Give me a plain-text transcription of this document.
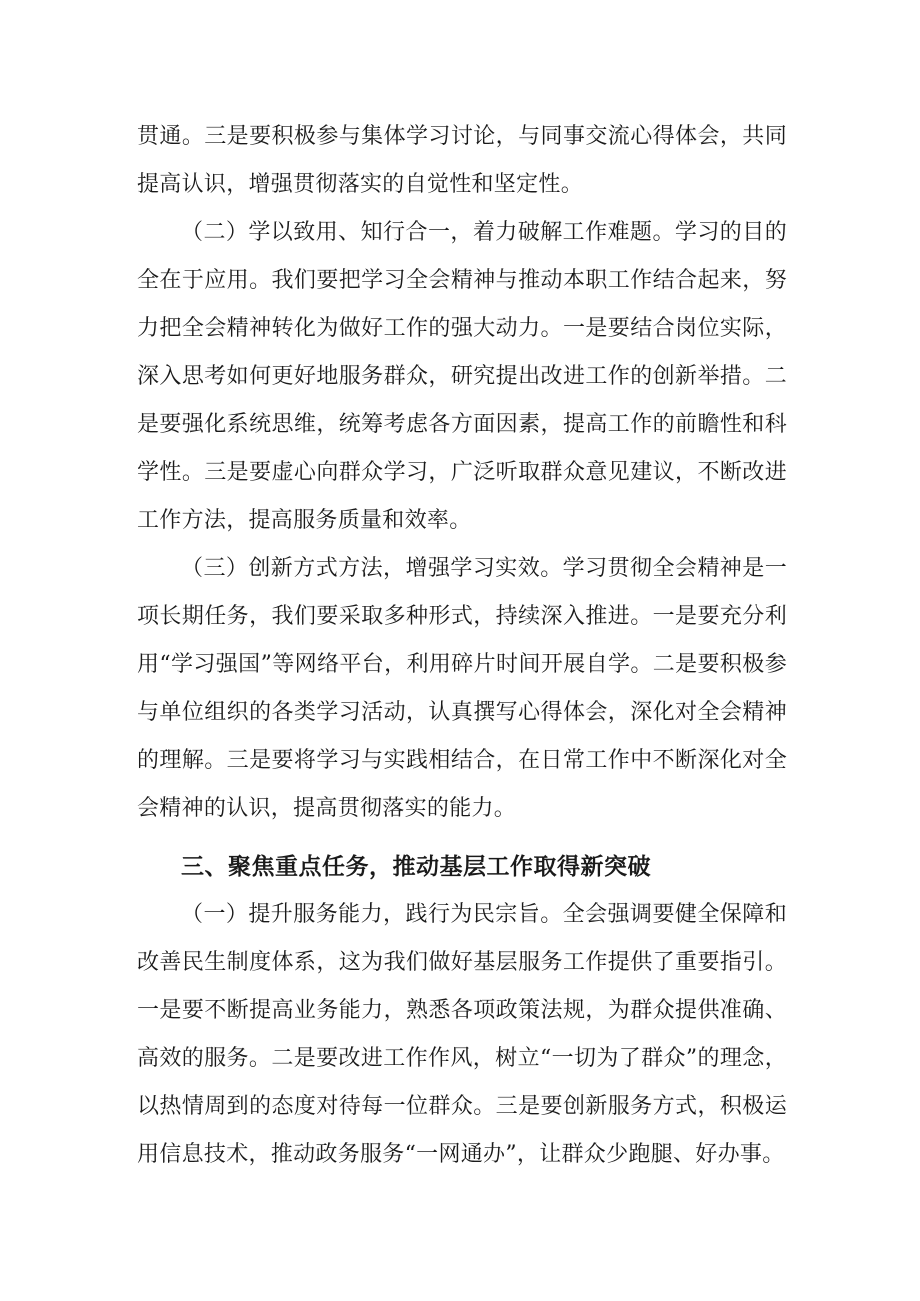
贯通。三是要积极参与集体学习讨论，与同事交流心得体会，共同提高认识，增强贯彻落实的自觉性和坚定性。

（二）学以致用、知行合一，着力破解工作难题。学习的目的全在于应用。我们要把学习全会精神与推动本职工作结合起来，努力把全会精神转化为做好工作的强大动力。一是要结合岗位实际，深入思考如何更好地服务群众，研究提出改进工作的创新举措。二是要强化系统思维，统筹考虑各方面因素，提高工作的前瞻性和科学性。三是要虚心向群众学习，广泛听取群众意见建议，不断改进工作方法，提高服务质量和效率。

（三）创新方式方法，增强学习实效。学习贯彻全会精神是一项长期任务，我们要采取多种形式，持续深入推进。一是要充分利用“学习强国”等网络平台，利用碎片时间开展自学。二是要积极参与单位组织的各类学习活动，认真撰写心得体会，深化对全会精神的理解。三是要将学习与实践相结合，在日常工作中不断深化对全会精神的认识，提高贯彻落实的能力。

三、聚焦重点任务，推动基层工作取得新突破

（一）提升服务能力，践行为民宗旨。全会强调要健全保障和改善民生制度体系，这为我们做好基层服务工作提供了重要指引。一是要不断提高业务能力，熟悉各项政策法规，为群众提供准确、高效的服务。二是要改进工作作风，树立“一切为了群众”的理念，以热情周到的态度对待每一位群众。三是要创新服务方式，积极运用信息技术，推动政务服务“一网通办”，让群众少跑腿、好办事。
